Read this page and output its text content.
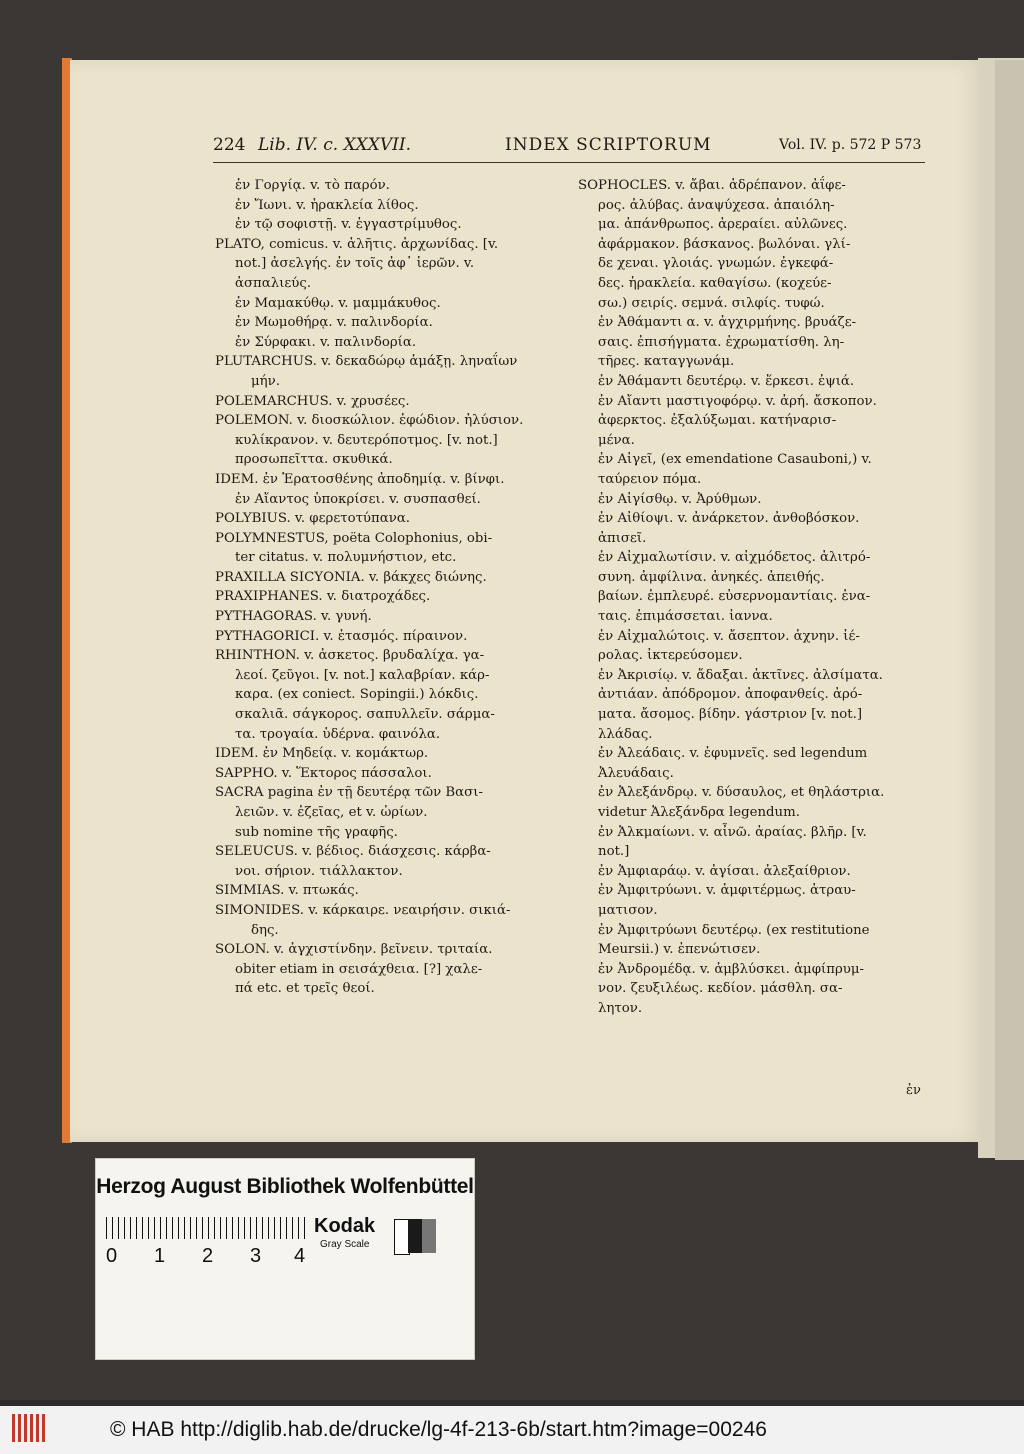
224 Lib. IV. c. XXXVII.	INDEX SCRIPTORUM	Vol. IV. p. 572 P 573
ἐν Γοργίᾳ. v. τὸ παρόν.
ἐν Ἴωνι. v. ἡρακλεία λίθος.
ἐν τῷ σοφιστῇ. v. ἐγγαστρίμυθος.
PLATO, comicus. v. ἀλῆτις. ἀρχωνίδας. [v.
not.] ἀσελγής. ἐν τοῖς ἀφ᾽ ἱερῶν. v.
ἀσπαλιεύς.
ἐν Μαμακύθῳ. v. μαμμάκυθος.
ἐν Μωμοθήρᾳ. v. παλινδορία.
ἐν Σύρφακι. v. παλινδορία.
PLUTARCHUS. v. δεκαδώρῳ ἁμάξῃ. ληναΐων
μήν.
POLEMARCHUS. v. χρυσέες.
POLEMON. v. διοσκώλιον. ἐφώδιον. ἠλύσιον.
κυλίκρανον. v. δευτερόποτμος. [v. not.]
προσωπεῖττα. σκυθικά.
IDEM. ἐν Ἐρατοσθένης ἀποδημίᾳ. v. βίνφι.
ἐν Αἴαντος ὑποκρίσει. v. συσπασθεί.
POLYBIUS. v. φερετοτύπανα.
POLYMNESTUS, poëta Colophonius, obi-
ter citatus. v. πολυμνήστιον, etc.
PRAXILLA SICYONIA. v. βάκχες διώνης.
PRAXIPHANES. v. διατροχάδες.
PYTHAGORAS. v. γυνή.
PYTHAGORICI. v. ἐτασμός. πίραινον.
RHINTHON. v. ἀσκετος. βρυδαλίχα. γα-
λεοί. ζεῦγοι. [v. not.] καλαβρίαν. κάρ-
καρα. (ex coniect. Sopingii.) λόκδις.
σκαλιᾶ. σάγκορος. σαπυλλεῖν. σάρμα-
τα. τρογαία. ὑδέρνα. φαινόλα.
IDEM. ἐν Μηδείᾳ. v. κομάκτωρ.
SAPPHO. v. Ἕκτορος πάσσαλοι.
SACRA pagina ἐν τῇ δευτέρᾳ τῶν Βασι-
λειῶν. v. ἐζεῖας, et v. ὠρίων.
sub nomine τῆς γραφῆς.
SELEUCUS. v. βέδιος. διάσχεσις. κάρβα-
νοι. σήριον. τιάλλακτον.
SIMMIAS. v. πτωκάς.
SIMONIDES. v. κάρκαιρε. νεαιρήσιν. σικιά-
δης.
SOLON. v. ἀγχιστίνδην. βεῖνειν. τριταία.
obiter etiam in σεισάχθεια. [?] χαλε-
πά etc. et τρεῖς θεοί.
SOPHOCLES. v. ἄβαι. ἀδρέπανον. ἀΐφε-
ρος. ἀλύβας. ἀναψύχεσα. ἀπαιόλη-
μα. ἀπάνθρωπος. ἀρεραίει. αὐλῶνες.
ἀφάρμακον. βάσκανος. βωλόναι. γλί-
δε χεναι. γλοιάς. γνωμών. ἐγκεφά-
δες. ἡρακλεία. καθαγίσω. (κοχεύε-
σω.) σειρίς. σεμνά. σιλφίς. τυφώ.
ἐν Ἀθάμαντι α. v. ἀγχιρμήνης. βρυάζε-
σαις. ἐπισήγματα. ἐχρωματίσθη. λη-
τῆρες. καταγγωνάμ.
ἐν Ἀθάμαντι δευτέρῳ. v. ἕρκεσι. ἐψιά.
ἐν Αἴαντι μαστιγοφόρῳ. v. ἀρή. ἄσκοπον.
ἀφερκτος. ἐξαλύξωμαι. κατήναρισ-
μένα.
ἐν Αἰγεῖ, (ex emendatione Casauboni,) v.
ταύρειον πόμα.
ἐν Αἰγίσθῳ. v. Ἀρύθμων.
ἐν Αἰθίοψι. v. ἀνάρκετον. ἀνθοβόσκον.
ἀπισεῖ.
ἐν Αἰχμαλωτίσιν. v. αἰχμόδετος. ἀλιτρό-
συνη. ἀμφίλινα. ἀνηκές. ἀπειθής.
βαίων. ἐμπλευρέ. εὐσερνομαντίαις. ἐνα-
ταις. ἐπιμάσσεται. ἰαννα.
ἐν Αἰχμαλώτοις. v. ἄσεπτον. ἀχνην. ἰέ-
ρολας. ἰκτερεύσομεν.
ἐν Ἀκρισίῳ. v. ἄδαξαι. ἀκτῖνες. ἀλσίματα.
ἀντιάαν. ἀπόδρομον. ἀποφανθείς. ἀρό-
ματα. ἄσομος. βίδην. γάστριον [v. not.]
λλάδας.
ἐν Ἀλεάδαις. v. ἐφυμνεῖς. sed legendum
Ἀλευάδαις.
ἐν Ἀλεξάνδρῳ. v. δύσαυλος, et θηλάστρια.
videtur Ἀλεξάνδρα legendum.
ἐν Ἀλκμαίωνι. v. αἶνῶ. ἀραίας. βλῆρ. [v.
not.]
ἐν Ἀμφιαράῳ. v. ἀγίσαι. ἀλεξαίθριον.
ἐν Ἀμφιτρύωνι. v. ἀμφιτέρμως. ἀτραυ-
ματισον.
ἐν Ἀμφιτρύωνι δευτέρῳ. (ex restitutione
Meursii.) v. ἐπενώτισεν.
ἐν Ἀνδρομέδᾳ. v. ἀμβλύσκει. ἀμφίπρυμ-
νον. ζευξιλέως. κεδίον. μάσθλη. σα-
λητον.
ἐν
Herzog August Bibliothek Wolfenbüttel
0 1 2 3 4
Kodak
Gray Scale
© HAB http://diglib.hab.de/drucke/lg-4f-213-6b/start.htm?image=00246
